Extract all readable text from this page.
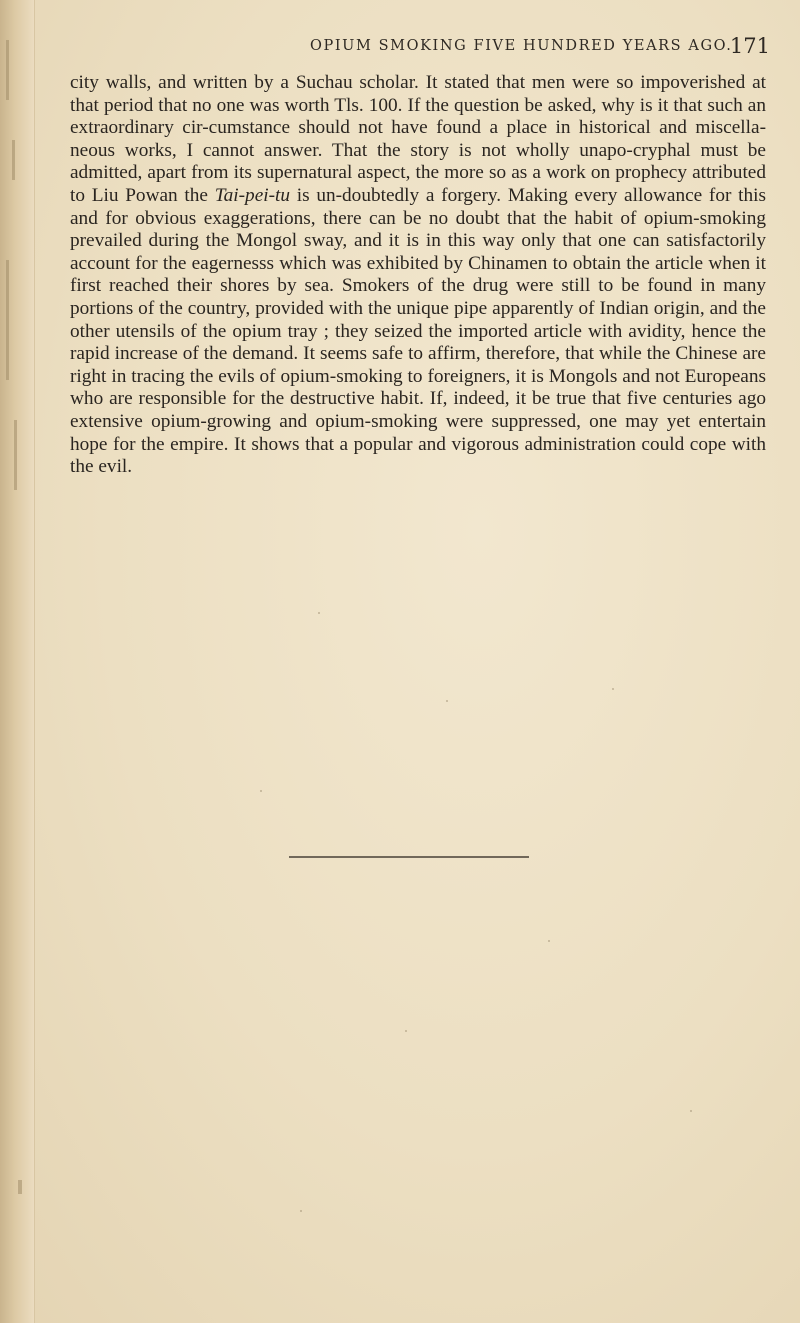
OPIUM SMOKING FIVE HUNDRED YEARS AGO.
171

city walls, and written by a Suchau scholar. It stated that men were so impoverished at that period that no one was worth Tls. 100. If the question be asked, why is it that such an extraordinary cir-cumstance should not have found a place in historical and miscella-neous works, I cannot answer. That the story is not wholly unapo-cryphal must be admitted, apart from its supernatural aspect, the more so as a work on prophecy attributed to Liu Powan the Tai-pei-tu is un-doubtedly a forgery. Making every allowance for this and for obvious exaggerations, there can be no doubt that the habit of opium-smoking prevailed during the Mongol sway, and it is in this way only that one can satisfactorily account for the eagernesss which was exhibited by Chinamen to obtain the article when it first reached their shores by sea. Smokers of the drug were still to be found in many portions of the country, provided with the unique pipe apparently of Indian origin, and the other utensils of the opium tray ; they seized the imported article with avidity, hence the rapid increase of the demand. It seems safe to affirm, therefore, that while the Chinese are right in tracing the evils of opium-smoking to foreigners, it is Mongols and not Europeans who are responsible for the destructive habit. If, indeed, it be true that five centuries ago extensive opium-growing and opium-smoking were suppressed, one may yet entertain hope for the empire. It shows that a popular and vigorous administration could cope with the evil.
